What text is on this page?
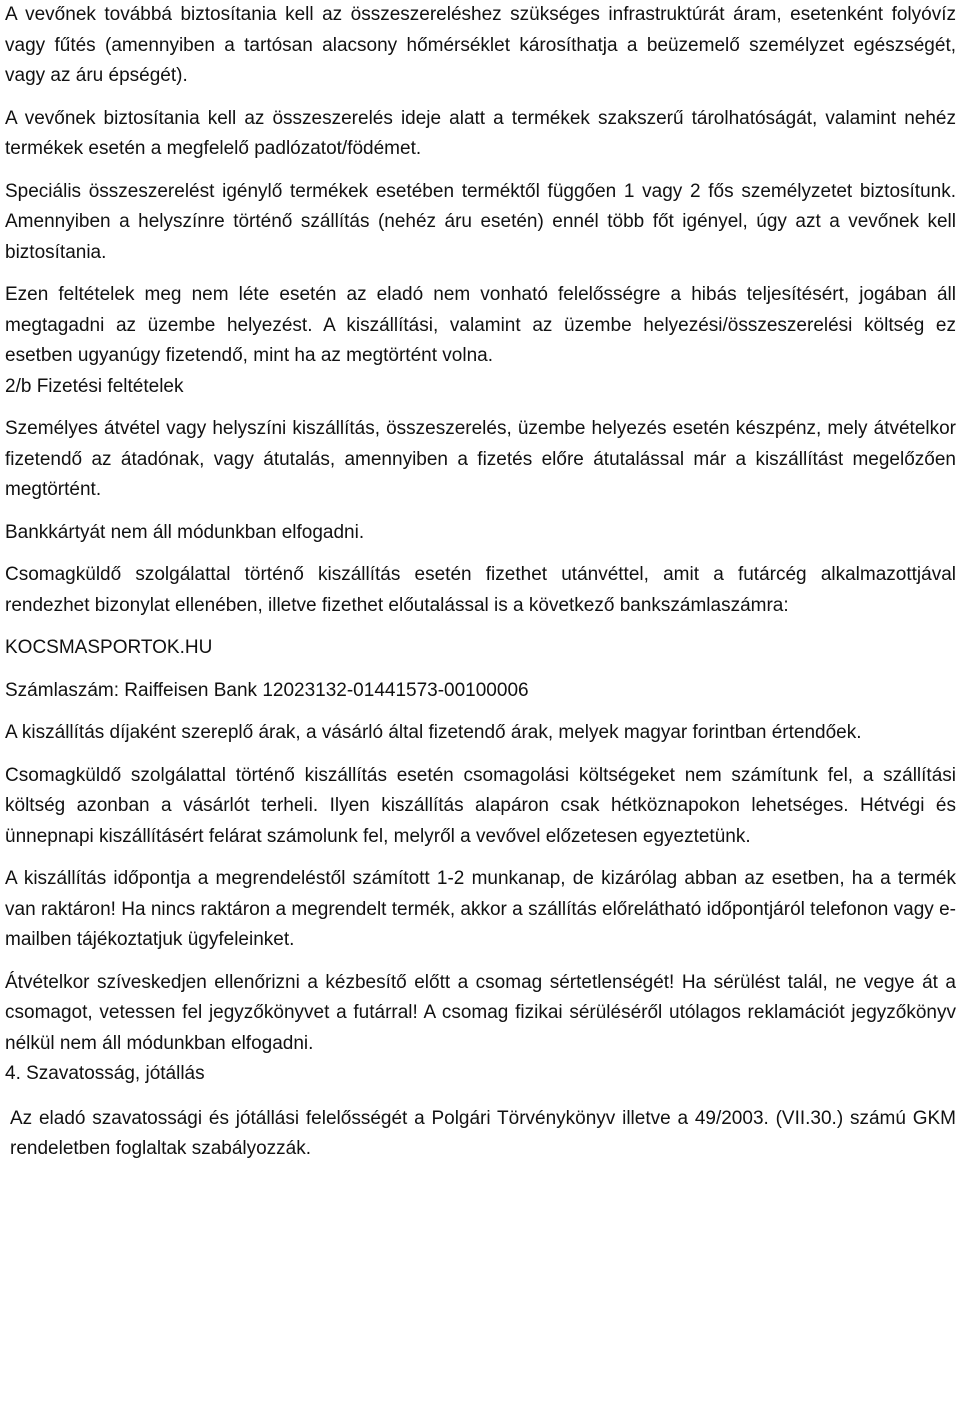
A vevőnek továbbá biztosítania kell az összeszereléshez szükséges infrastruktúrát áram, esetenként folyóvíz vagy fűtés (amennyiben a tartósan alacsony hőmérséklet károsíthatja a beüzemelő személyzet egészségét, vagy az áru épségét).

A vevőnek biztosítania kell az összeszerelés ideje alatt a termékek szakszerű tárolhatóságát, valamint nehéz termékek esetén a megfelelő padlózatot/födémet.

Speciális összeszerelést igénylő termékek esetében terméktől függően 1 vagy 2 fős személyzetet biztosítunk. Amennyiben a helyszínre történő szállítás (nehéz áru esetén) ennél több főt igényel, úgy azt a vevőnek kell biztosítania.

Ezen feltételek meg nem léte esetén az eladó nem vonható felelősségre a hibás teljesítésért, jogában áll megtagadni az üzembe helyezést. A kiszállítási, valamint az üzembe helyezési/összeszerelési költség ez esetben ugyanúgy fizetendő, mint ha az megtörtént volna.

2/b Fizetési feltételek

Személyes átvétel vagy helyszíni kiszállítás, összeszerelés, üzembe helyezés esetén készpénz, mely átvételkor fizetendő az átadónak, vagy átutalás, amennyiben a fizetés előre átutalással már a kiszállítást megelőzően megtörtént.

Bankkártyát nem áll módunkban elfogadni.

Csomagküldő szolgálattal történő kiszállítás esetén fizethet utánvéttel, amit a futárcég alkalmazottjával rendezhet bizonylat ellenében, illetve fizethet előutalással is a következő bankszámlaszámra:

KOCSMASPORTOK.HU

Számlaszám: Raiffeisen Bank 12023132-01441573-00100006

A kiszállítás díjaként szereplő árak, a vásárló által fizetendő árak, melyek magyar forintban értendőek.

Csomagküldő szolgálattal történő kiszállítás esetén csomagolási költségeket nem számítunk fel, a szállítási költség azonban a vásárlót terheli. Ilyen kiszállítás alapáron csak hétköznapokon lehetséges. Hétvégi és ünnepnapi kiszállításért felárat számolunk fel, melyről a vevővel előzetesen egyeztetünk.

A kiszállítás időpontja a megrendeléstől számított 1-2 munkanap, de kizárólag abban az esetben, ha a termék van raktáron! Ha nincs raktáron a megrendelt termék, akkor a szállítás előrelátható időpontjáról telefonon vagy e-mailben tájékoztatjuk ügyfeleinket.

Átvételkor szíveskedjen ellenőrizni a kézbesítő előtt a csomag sértetlenségét! Ha sérülést talál, ne vegye át a csomagot, vetessen fel jegyzőkönyvet a futárral! A csomag fizikai sérüléséről utólagos reklamációt jegyzőkönyv nélkül nem áll módunkban elfogadni.

4. Szavatosság, jótállás

Az eladó szavatossági és jótállási felelősségét a Polgári Törvénykönyv illetve a 49/2003. (VII.30.) számú GKM rendeletben foglaltak szabályozzák.
